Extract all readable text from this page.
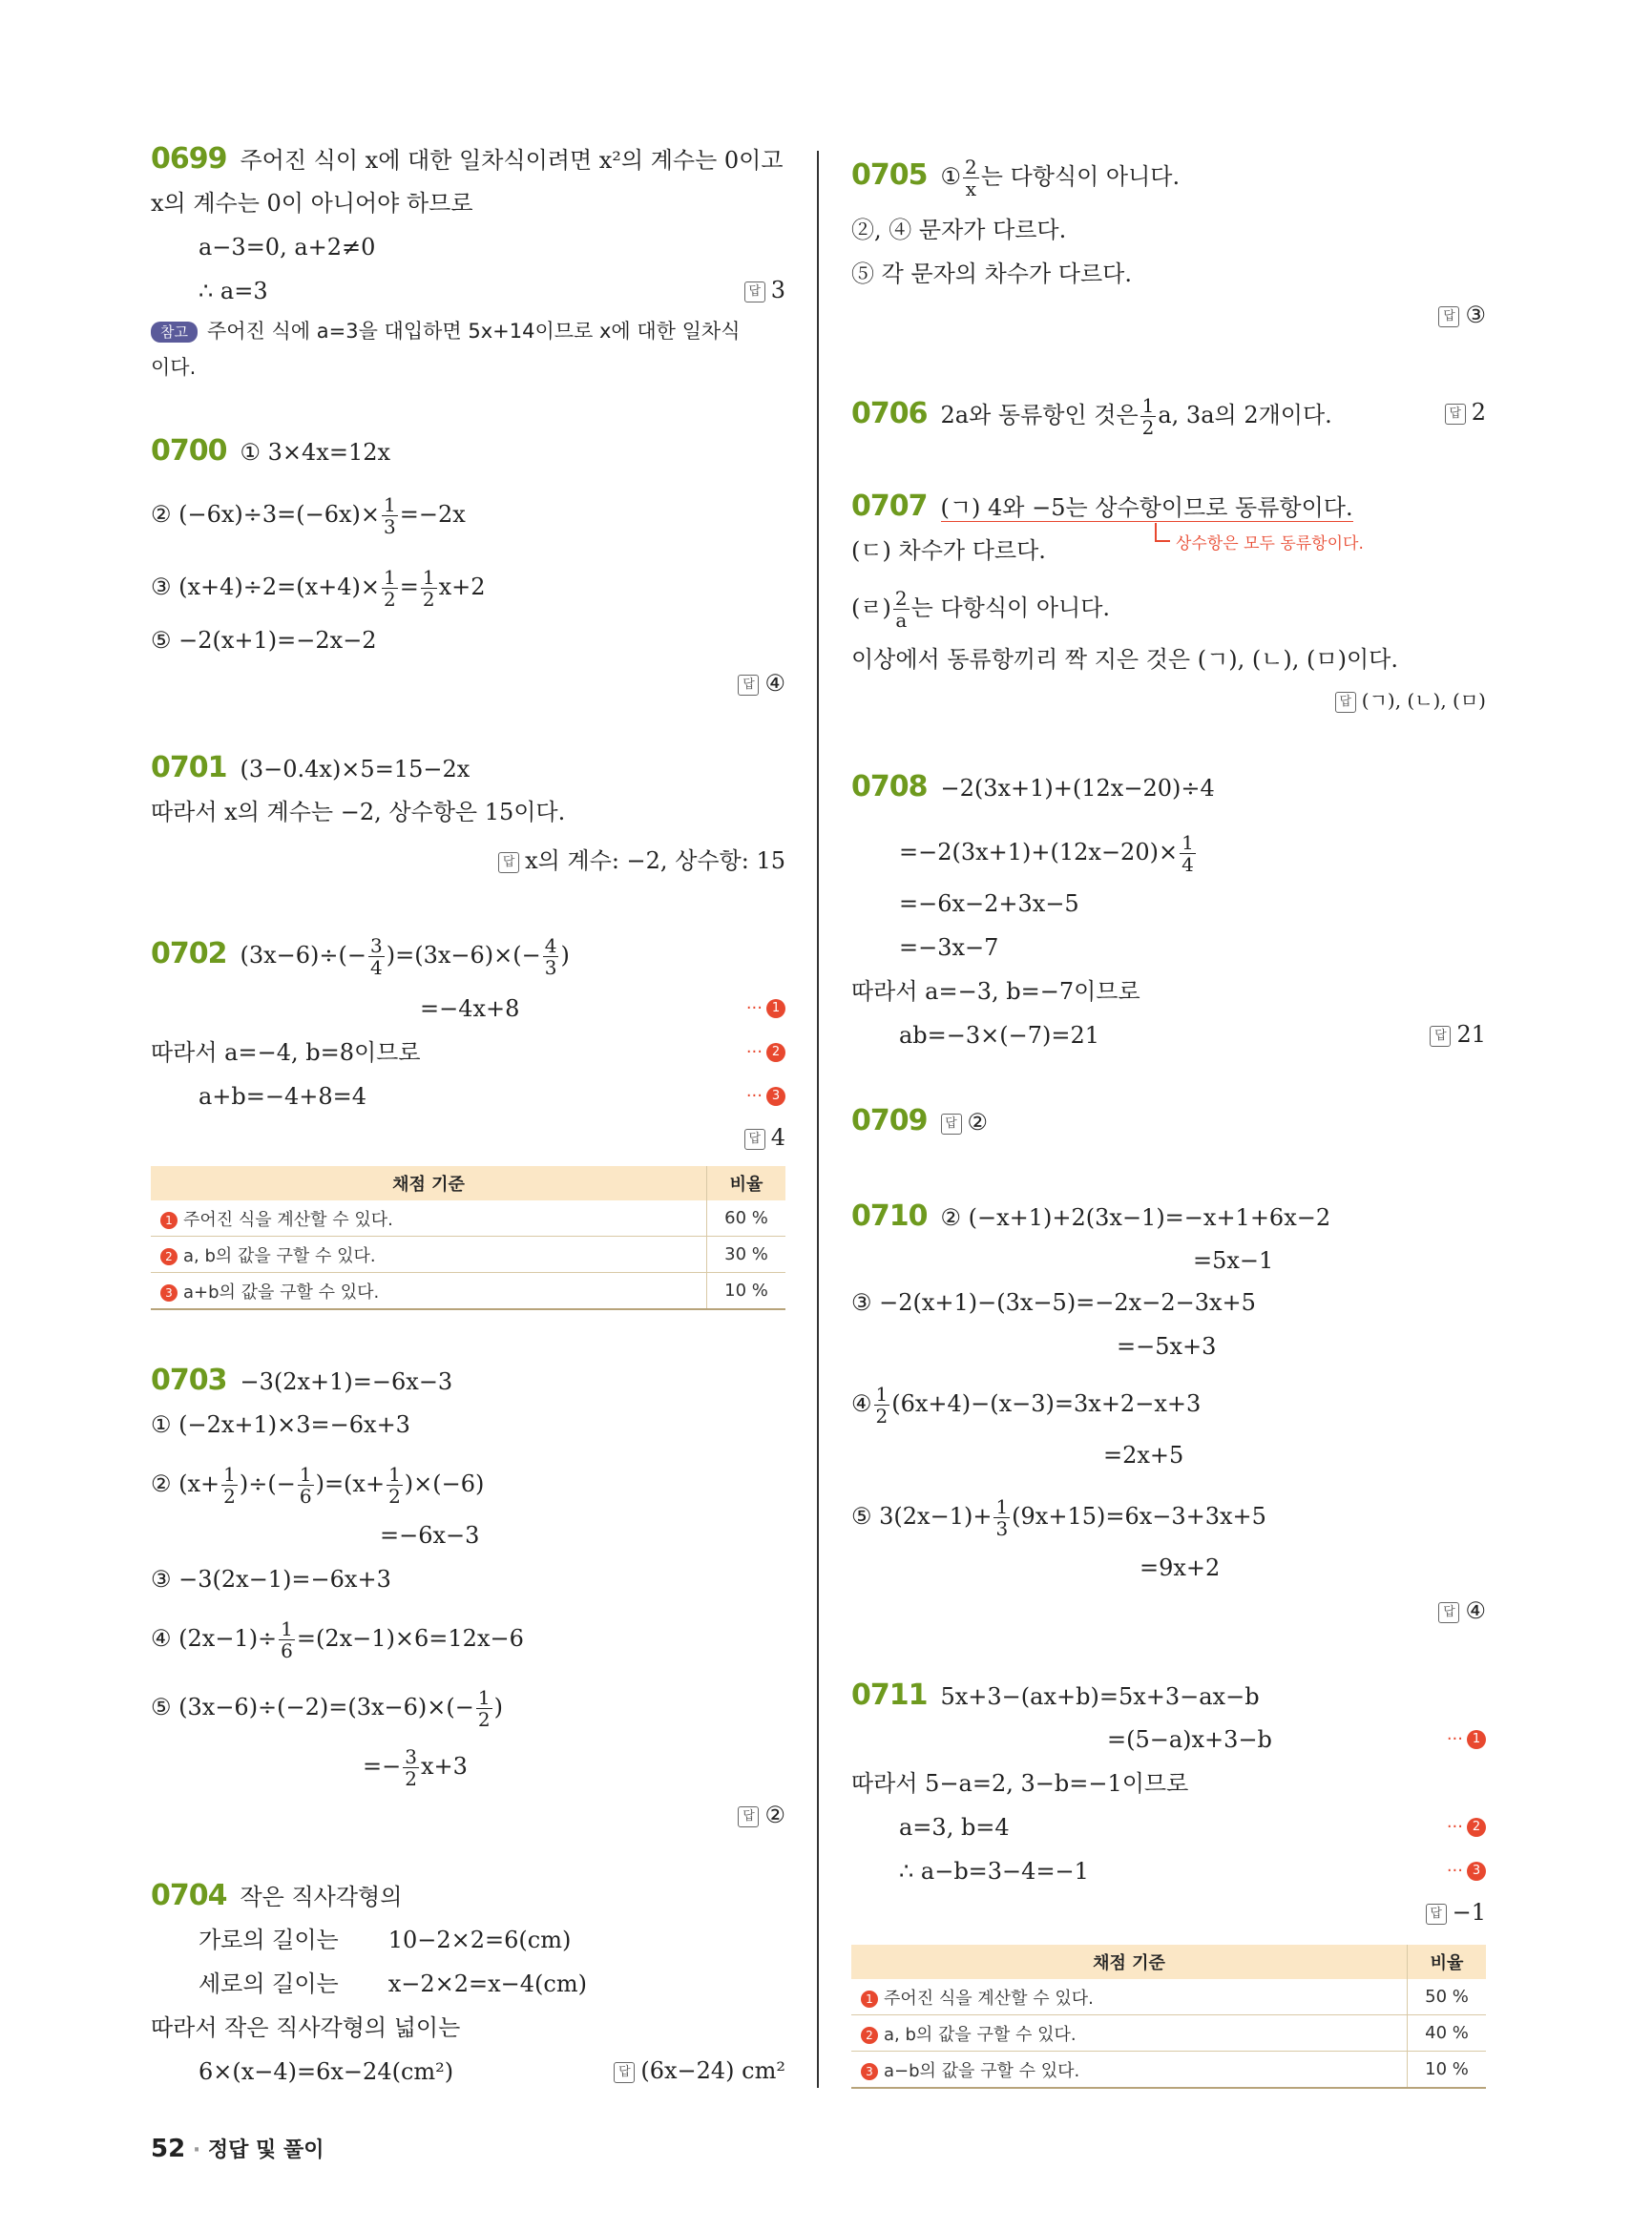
0699 주어진 식이 x에 대한 일차식이려면 x²의 계수는 0이고
x의 계수는 0이 아니어야 하므로
a−3=0, a+2≠0
∴ a=3	답 3
참고 주어진 식에 a=3을 대입하면 5x+14이므로 x에 대한 일차식
이다.
0700 ① 3×4x=12x
② $(-6x)\div 3=(-6x)\times \frac{1}{3} =-2x$
③ $(x+4)\div 2=(x+4)\times \frac{1}{2} = \frac{1}{2} x+2$
⑤ −2(x+1)=−2x−2
답 ④
0701 (3−0.4x)×5=15−2x
따라서 x의 계수는 −2, 상수항은 15이다.
답 x의 계수: −2, 상수항: 15
0702 $(3x-6)\div(- \frac{3}{4} )=(3x-6)\times(- \frac{4}{3}$ )
=−4x+8	··· 1
따라서 a=−4, b=8이므로	··· 2
a+b=−4+8=4	··· 3
답 4
채점 기준	비율
1 주어진 식을 계산할 수 있다.	60 %
2 a, b의 값을 구할 수 있다.	30 %
3 a+b의 값을 구할 수 있다.	10 %
0703 −3(2x+1)=−6x−3
① (−2x+1)×3=−6x+3
② ($x+ \frac{1}{2}$ )÷(− $\frac{1}{6} )=(x+ \frac{1}{2} )\times(-6)$
=−6x−3
③ −3(2x−1)=−6x+3
④ $(2x-1)\div \frac{1}{6} =(2x-1)\times 6=12x-6$
⑤ $(3x-6)\div(-2)=(3x-6)\times(- \frac{1}{2}$ )
=− $\frac{3}{2} x+3$
답 ②
0704 작은 직사각형의
가로의 길이는 10−2×2=6(cm)
세로의 길이는 x−2×2=x−4(cm)
따라서 작은 직사각형의 넓이는
6×(x−4)=6x−24(cm²)	답 (6x−24) cm²
0705 ① $\frac{2}{x}$ 는 다항식이 아니다.
②, ④ 문자가 다르다.
⑤ 각 문자의 차수가 다르다.
답 ③
0706 2a와 동류항인 것은 $\frac{1}{2} a$, 3a의 2개이다.	답 2
0707 (ㄱ) 4와 −5는 상수항이므로 동류항이다.
상수항은 모두 동류항이다.
(ㄷ) 차수가 다르다.
(ㄹ) $\frac{2}{a}$ 는 다항식이 아니다.
이상에서 동류항끼리 짝 지은 것은 (ㄱ), (ㄴ), (ㅁ)이다.
답 (ㄱ), (ㄴ), (ㅁ)
0708 −2(3x+1)+(12x−20)÷4
$=-2(3x+1)+(12x-20)\times \frac{1}{4}$
=−6x−2+3x−5
=−3x−7
따라서 a=−3, b=−7이므로
ab=−3×(−7)=21	답 21
0709 답 ②
0710 ② (−x+1)+2(3x−1)=−x+1+6x−2
=5x−1
③ −2(x+1)−(3x−5)=−2x−2−3x+5
=−5x+3
④ $\frac{1}{2} (6x+4)-(x-3)=3x+2-x+3$
=2x+5
⑤ $3(2x-1)+ \frac{1}{3} (9x+15)=6x-3+3x+5$
=9x+2
답 ④
0711 5x+3−(ax+b)=5x+3−ax−b
=(5−a)x+3−b	··· 1
따라서 5−a=2, 3−b=−1이므로
a=3, b=4	··· 2
∴ a−b=3−4=−1	··· 3
답 −1
채점 기준	비율
1 주어진 식을 계산할 수 있다.	50 %
2 a, b의 값을 구할 수 있다.	40 %
3 a−b의 값을 구할 수 있다.	10 %
52 · 정답 및 풀이
